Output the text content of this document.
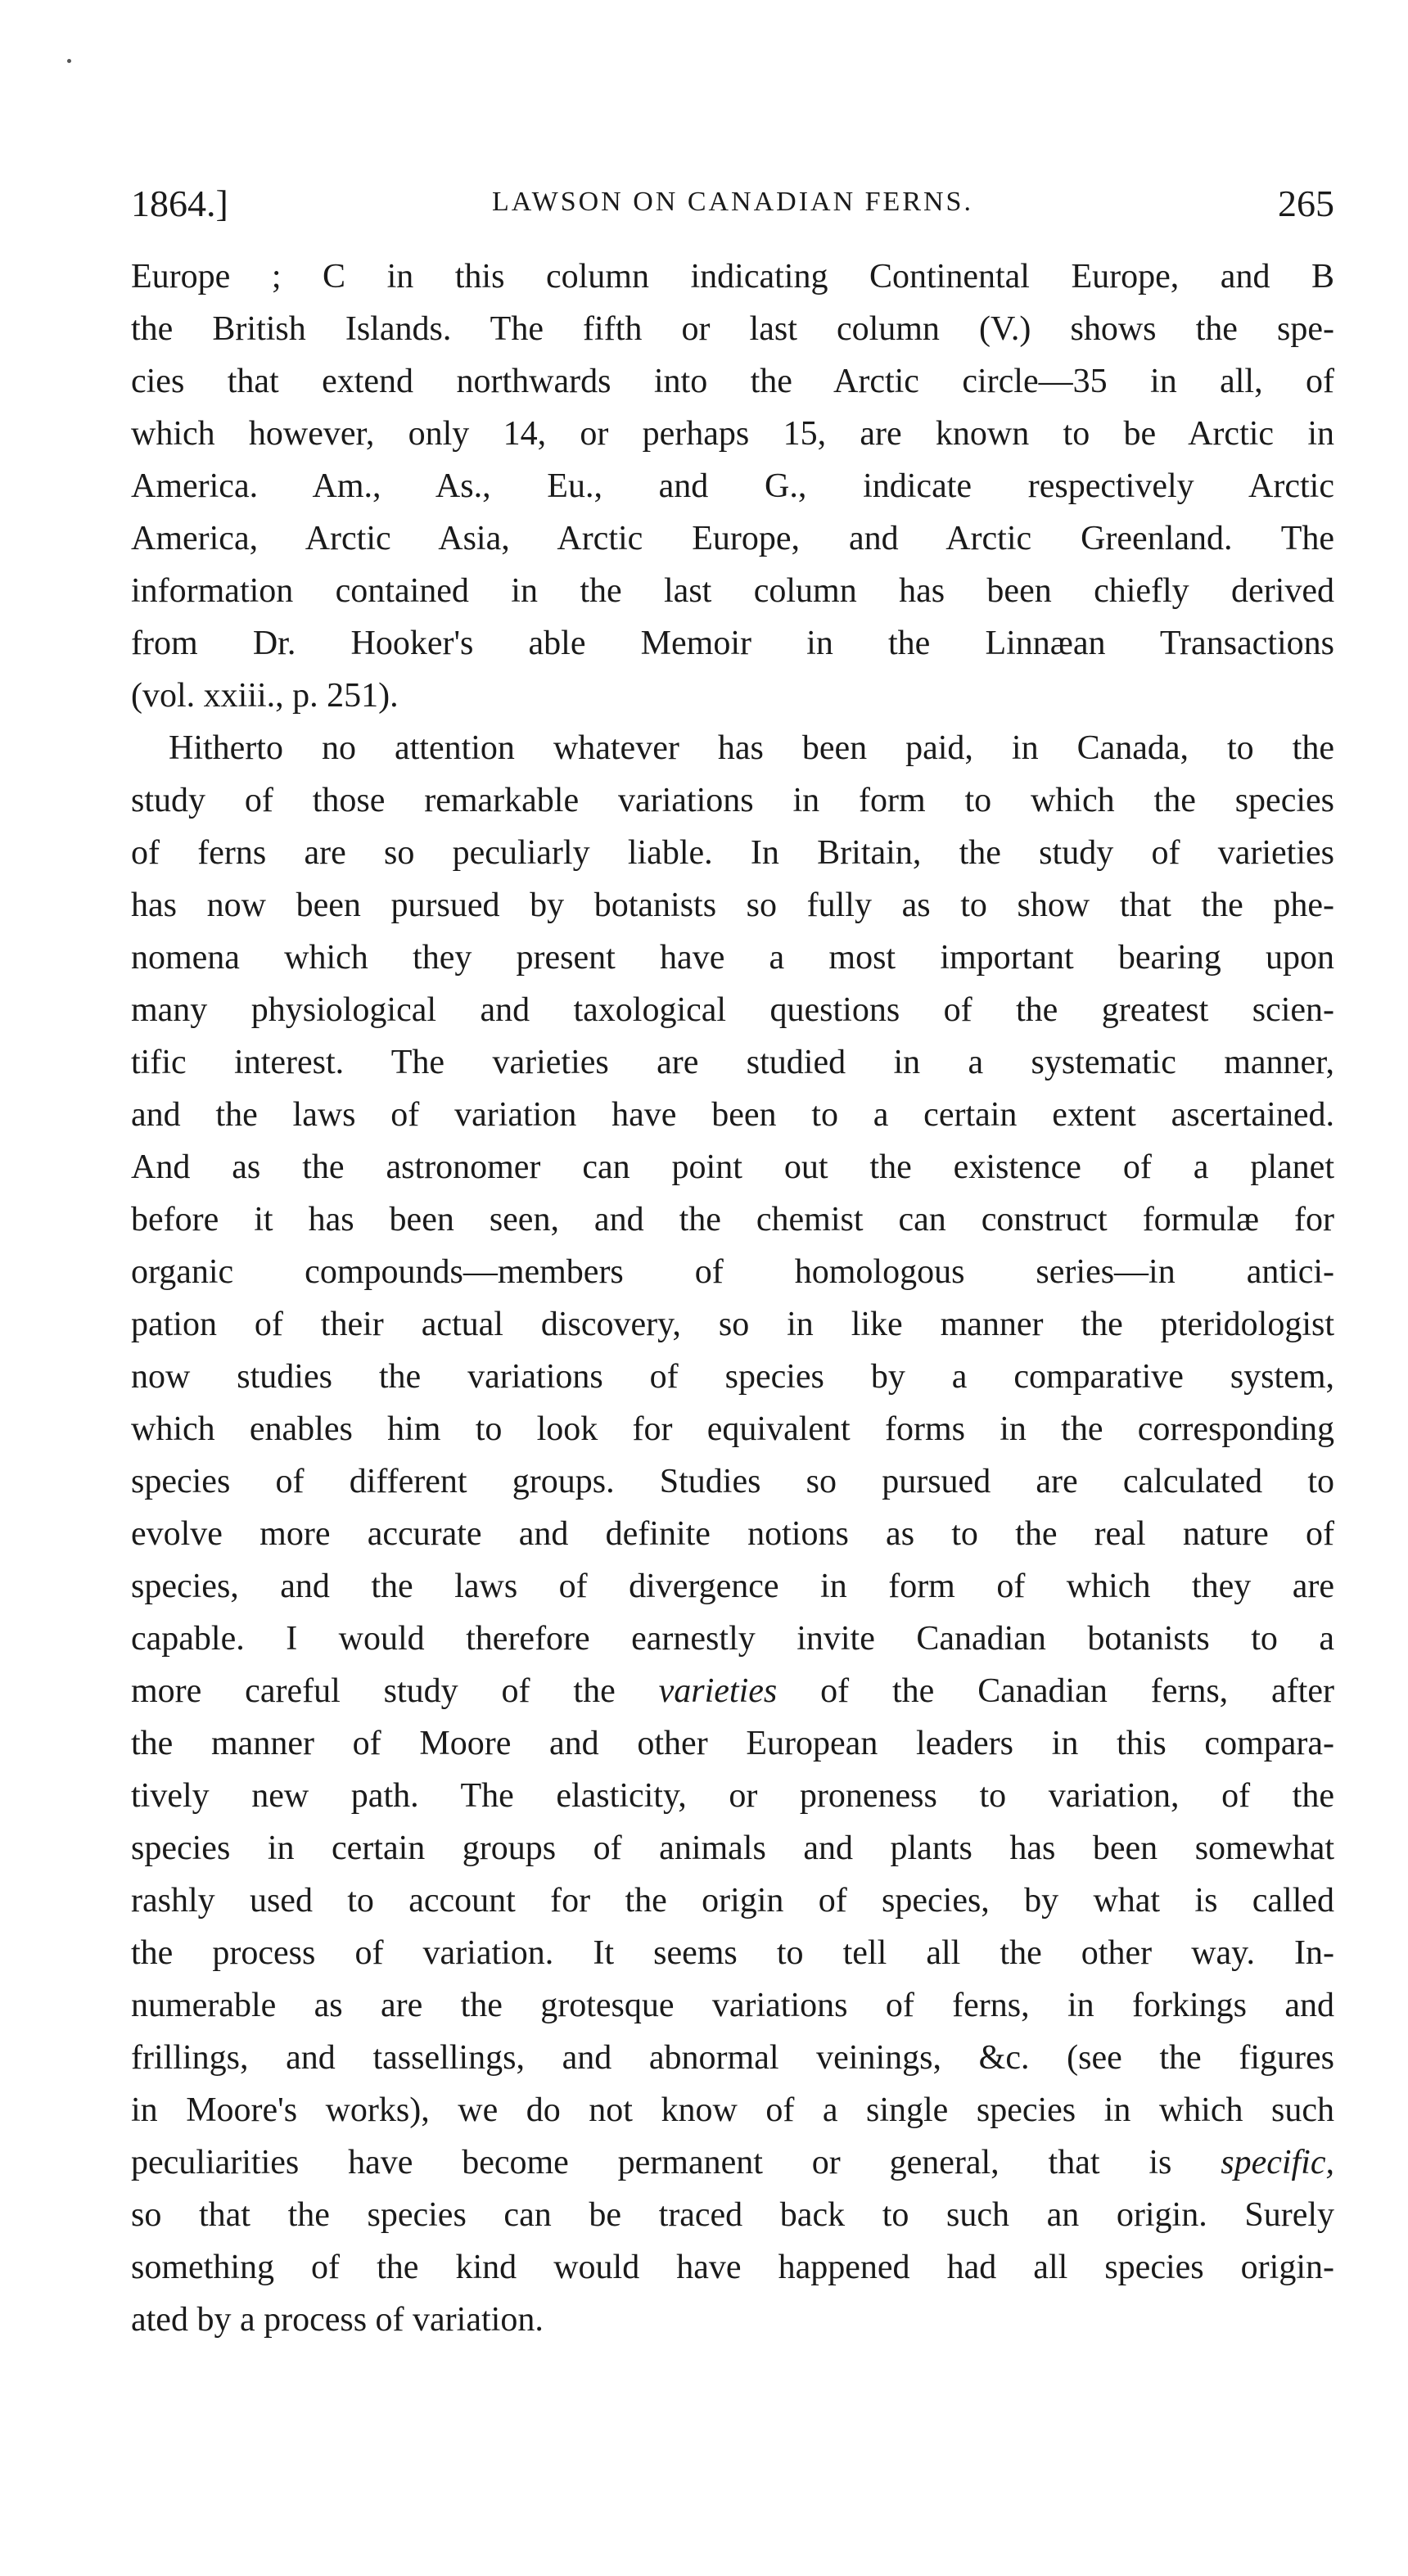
1864.]	LAWSON ON CANADIAN FERNS.	265
Europe ; C in this column indicating Continental Europe, and B
the British Islands. The fifth or last column (V.) shows the spe-
cies that extend northwards into the Arctic circle—35 in all, of
which however, only 14, or perhaps 15, are known to be Arctic in
America. Am., As., Eu., and G., indicate respectively Arctic
America, Arctic Asia, Arctic Europe, and Arctic Greenland. The
information contained in the last column has been chiefly derived
from Dr. Hooker's able Memoir in the Linnæan Transactions
(vol. xxiii., p. 251).
Hitherto no attention whatever has been paid, in Canada, to the
study of those remarkable variations in form to which the species
of ferns are so peculiarly liable. In Britain, the study of varieties
has now been pursued by botanists so fully as to show that the phe-
nomena which they present have a most important bearing upon
many physiological and taxological questions of the greatest scien-
tific interest. The varieties are studied in a systematic manner,
and the laws of variation have been to a certain extent ascertained.
And as the astronomer can point out the existence of a planet
before it has been seen, and the chemist can construct formulæ for
organic compounds—members of homologous series—in antici-
pation of their actual discovery, so in like manner the pteridologist
now studies the variations of species by a comparative system,
which enables him to look for equivalent forms in the corresponding
species of different groups. Studies so pursued are calculated to
evolve more accurate and definite notions as to the real nature of
species, and the laws of divergence in form of which they are
capable. I would therefore earnestly invite Canadian botanists to a
more careful study of the varieties of the Canadian ferns, after
the manner of Moore and other European leaders in this compara-
tively new path. The elasticity, or proneness to variation, of the
species in certain groups of animals and plants has been somewhat
rashly used to account for the origin of species, by what is called
the process of variation. It seems to tell all the other way. In-
numerable as are the grotesque variations of ferns, in forkings and
frillings, and tassellings, and abnormal veinings, &c. (see the figures
in Moore's works), we do not know of a single species in which such
peculiarities have become permanent or general, that is specific,
so that the species can be traced back to such an origin. Surely
something of the kind would have happened had all species origin-
ated by a process of variation.
